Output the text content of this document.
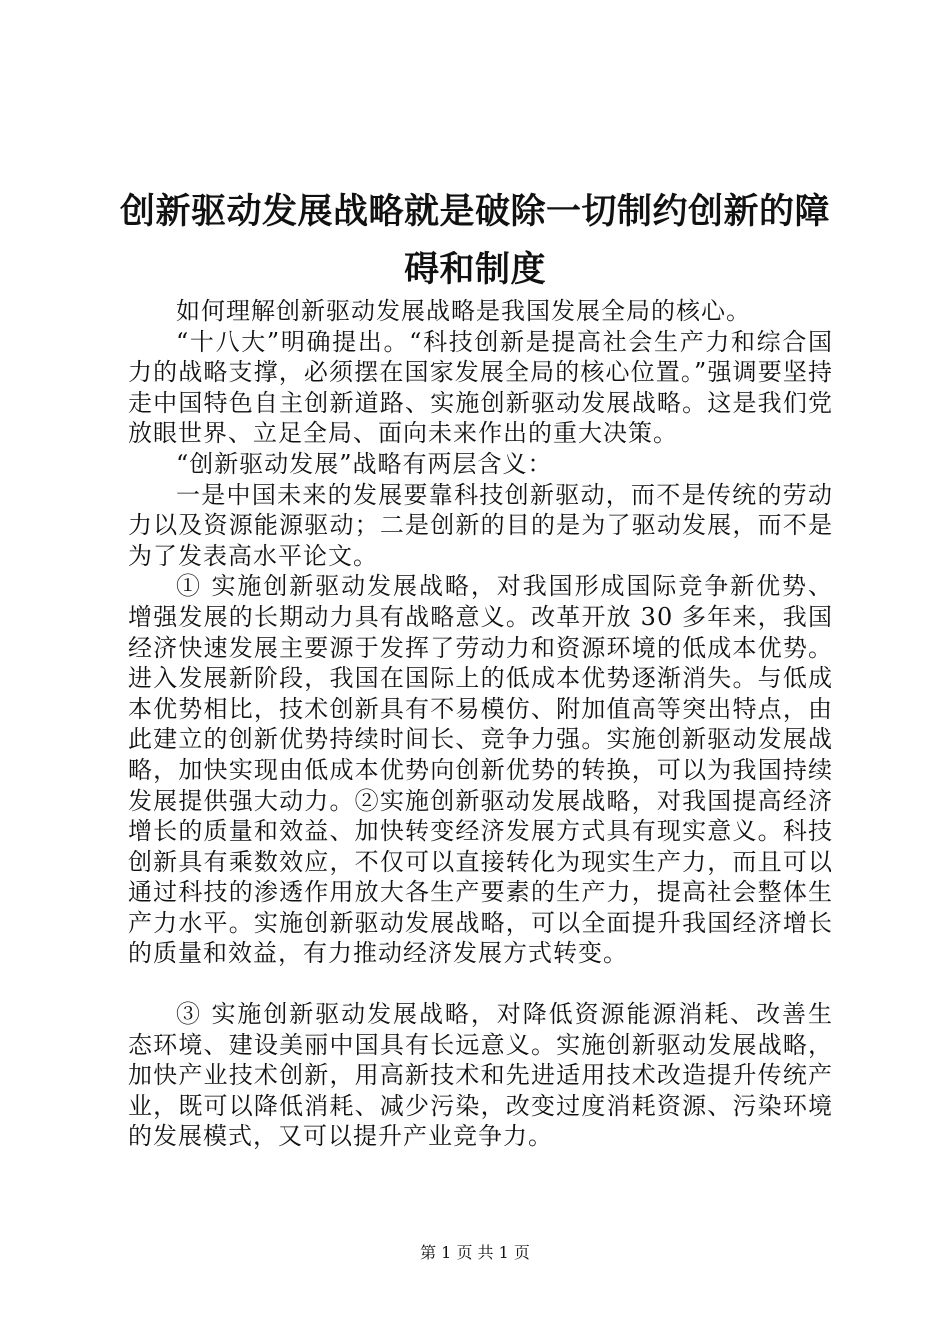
创新驱动发展战略就是破除一切制约创新的障碍和制度

如何理解创新驱动发展战略是我国发展全局的核心。

“十八大”明确提出。“科技创新是提高社会生产力和综合国力的战略支撑，必须摆在国家发展全局的核心位置。”强调要坚持走中国特色自主创新道路、实施创新驱动发展战略。这是我们党放眼世界、立足全局、面向未来作出的重大决策。

“创新驱动发展”战略有两层含义：

一是中国未来的发展要靠科技创新驱动，而不是传统的劳动力以及资源能源驱动；二是创新的目的是为了驱动发展，而不是为了发表高水平论文。

① 实施创新驱动发展战略，对我国形成国际竞争新优势、增强发展的长期动力具有战略意义。改革开放 30 多年来，我国经济快速发展主要源于发挥了劳动力和资源环境的低成本优势。进入发展新阶段，我国在国际上的低成本优势逐渐消失。与低成本优势相比，技术创新具有不易模仿、附加值高等突出特点，由此建立的创新优势持续时间长、竞争力强。实施创新驱动发展战略，加快实现由低成本优势向创新优势的转换，可以为我国持续发展提供强大动力。②实施创新驱动发展战略，对我国提高经济增长的质量和效益、加快转变经济发展方式具有现实意义。科技创新具有乘数效应，不仅可以直接转化为现实生产力，而且可以通过科技的渗透作用放大各生产要素的生产力，提高社会整体生产力水平。实施创新驱动发展战略，可以全面提升我国经济增长的质量和效益，有力推动经济发展方式转变。

③ 实施创新驱动发展战略，对降低资源能源消耗、改善生态环境、建设美丽中国具有长远意义。实施创新驱动发展战略，加快产业技术创新，用高新技术和先进适用技术改造提升传统产业，既可以降低消耗、减少污染，改变过度消耗资源、污染环境的发展模式，又可以提升产业竞争力。

第 1 页 共 1 页
